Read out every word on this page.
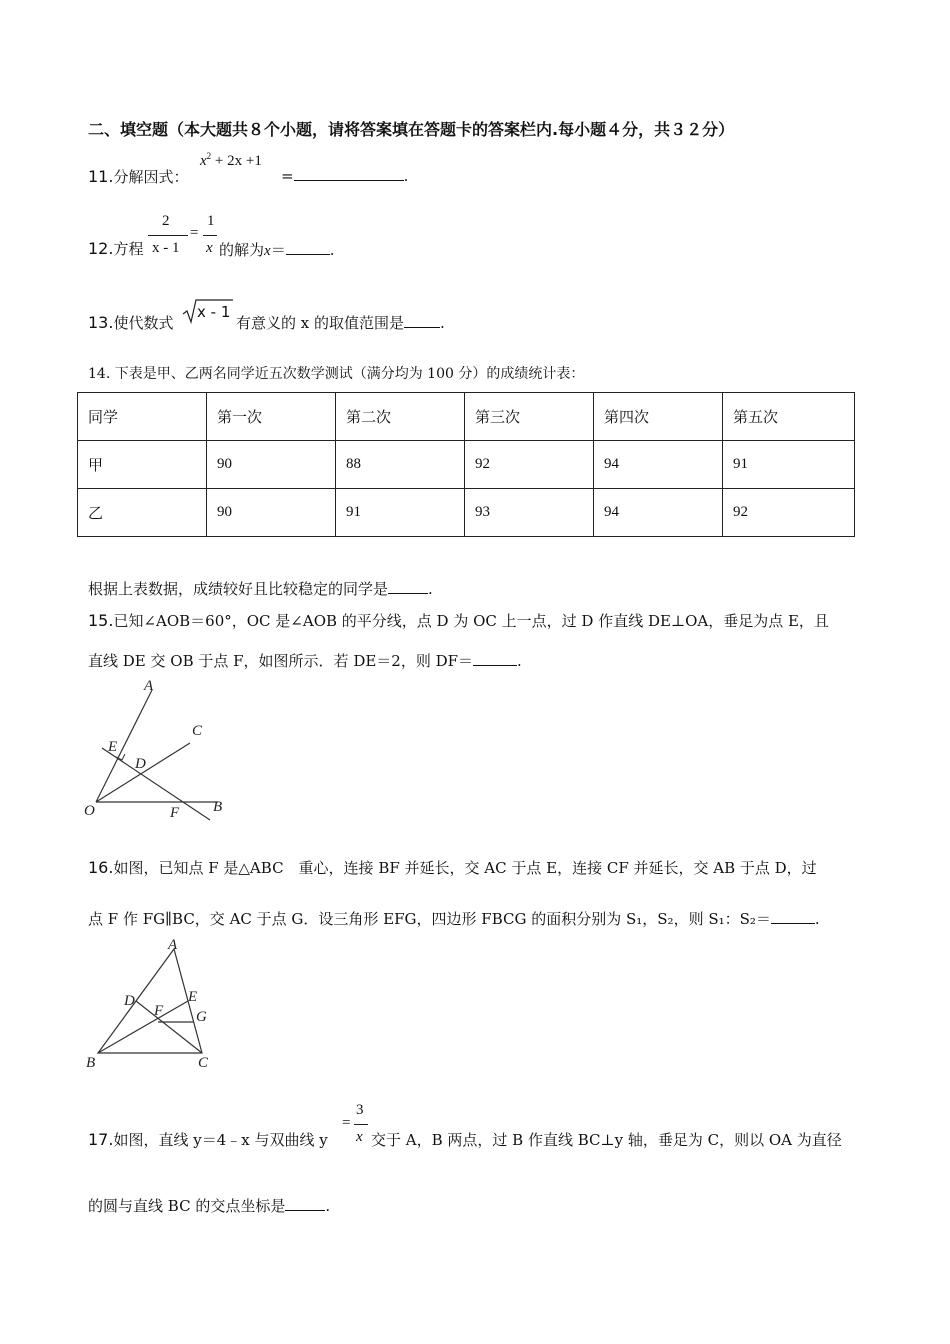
二、填空题（本大题共８个小题，请将答案填在答题卡的答案栏内.每小题４分，共３２分）
11.分解因式：
$x^2 + 2x +1$
=	.
12.方程
2
x - 1
=
1
x 的解为x＝	.
13.使代数式
x - 1
有意义的 x 的取值范围是 .
14. 下表是甲、乙两名同学近五次数学测试（满分均为 100 分）的成绩统计表：
同学	第一次	第二次	第三次	第四次	第五次
甲	90	88	92	94	91
乙	90	91	93	94	92
根据上表数据，成绩较好且比较稳定的同学是	.
15.已知∠AOB＝60°，OC 是∠AOB 的平分线，点 D 为 OC 上一点，过 D 作直线 DE⊥OA，垂足为点 E，且
直线 DE 交 OB 于点 F，如图所示．若 DE＝2，则 DF＝	.
A
C
E
D
O	F B
16.如图，已知点 F 是△ABC　重心，连接 BF 并延长，交 AC 于点 E，连接 CF 并延长，交 AB 于点 D，过
点 F 作 FG∥BC，交 AC 于点 G．设三角形 EFG，四边形 FBCG 的面积分别为 S₁，S₂，则 S₁：S₂＝	.
A
D	E
F G
B	C
17.如图，直线 y＝4﹣x 与双曲线 y
=
3
x 交于 A，B 两点，过 B 作直线 BC⊥y 轴，垂足为 C，则以 OA 为直径
的圆与直线 BC 的交点坐标是	.
